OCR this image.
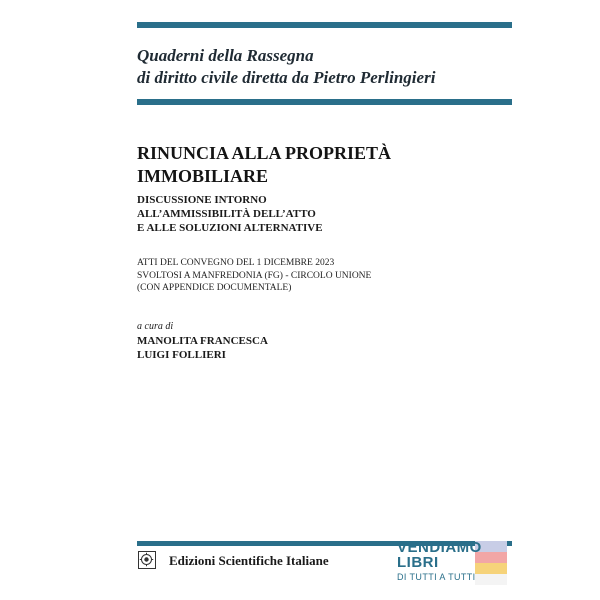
Quaderni della Rassegna
di diritto civile diretta da Pietro Perlingieri
RINUNCIA ALLA PROPRIETÀ
IMMOBILIARE
DISCUSSIONE INTORNO
ALL’AMMISSIBILITÀ DELL’ATTO
E ALLE SOLUZIONI ALTERNATIVE
ATTI DEL CONVEGNO DEL 1 DICEMBRE 2023
SVOLTOSI A MANFREDONIA (FG) - CIRCOLO UNIONE
(CON APPENDICE DOCUMENTALE)
a cura di
MANOLITA FRANCESCA
LUIGI FOLLIERI
Edizioni Scientifiche Italiane
VENDIAMO
LIBRI
DI TUTTI A TUTTI
